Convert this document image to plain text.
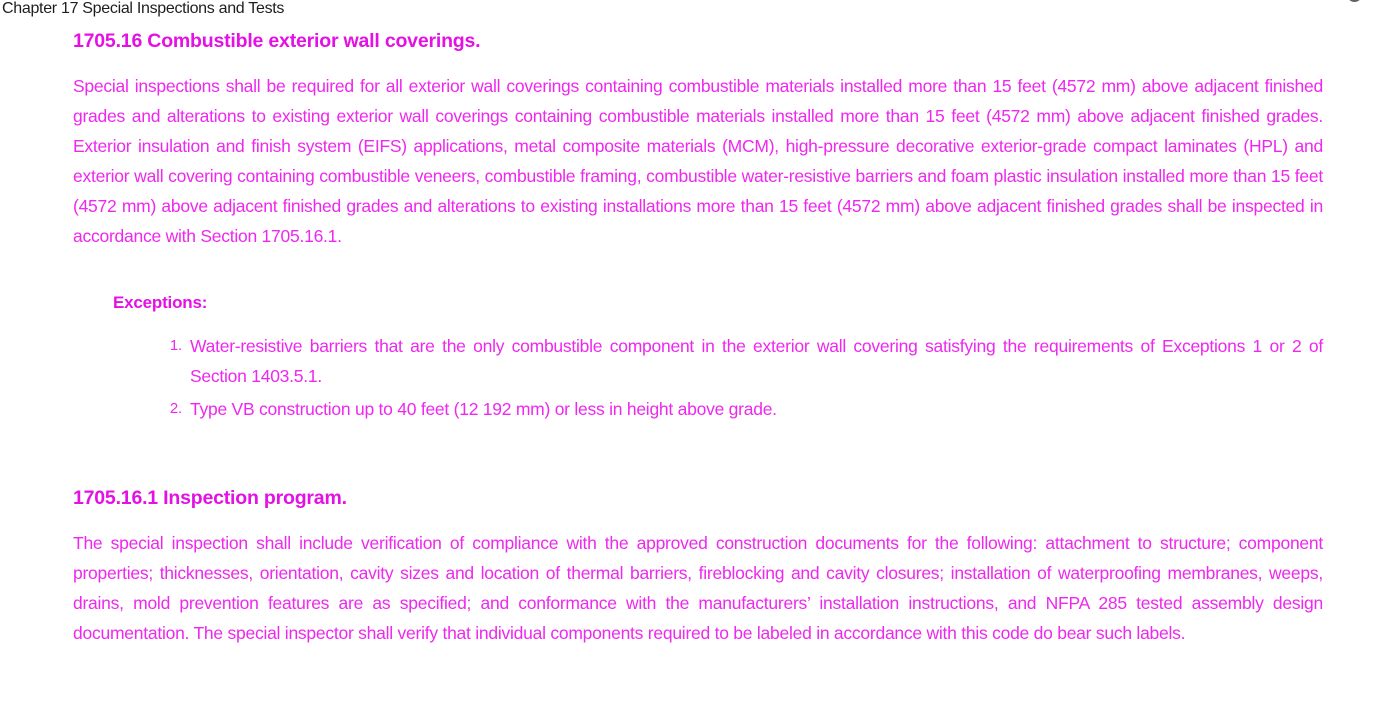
Chapter 17 Special Inspections and Tests
1705.16 Combustible exterior wall coverings.
Special inspections shall be required for all exterior wall coverings containing combustible materials installed more than 15 feet (4572 mm) above adjacent finished grades and alterations to existing exterior wall coverings containing combustible materials installed more than 15 feet (4572 mm) above adjacent finished grades. Exterior insulation and finish system (EIFS) applications, metal composite materials (MCM), high-pressure decorative exterior-grade compact laminates (HPL) and exterior wall covering containing combustible veneers, combustible framing, combustible water-resistive barriers and foam plastic insulation installed more than 15 feet (4572 mm) above adjacent finished grades and alterations to existing installations more than 15 feet (4572 mm) above adjacent finished grades shall be inspected in accordance with Section 1705.16.1.
Exceptions:
1. Water-resistive barriers that are the only combustible component in the exterior wall covering satisfying the requirements of Exceptions 1 or 2 of Section 1403.5.1.
2. Type VB construction up to 40 feet (12 192 mm) or less in height above grade.
1705.16.1 Inspection program.
The special inspection shall include verification of compliance with the approved construction documents for the following: attachment to structure; component properties; thicknesses, orientation, cavity sizes and location of thermal barriers, fireblocking and cavity closures; installation of waterproofing membranes, weeps, drains, mold prevention features are as specified; and conformance with the manufacturers’ installation instructions, and NFPA 285 tested assembly design documentation. The special inspector shall verify that individual components required to be labeled in accordance with this code do bear such labels.
